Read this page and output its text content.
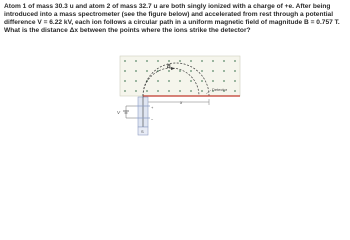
Atom 1 of mass 30.3 u and atom 2 of mass 32.7 u are both singly ionized with a charge of +e. After being introduced into a mass spectrometer (see the figure below) and accelerated from rest through a potential difference V = 6.22 kV, each ion follows a circular path in a uniform magnetic field of magnitude B = 0.757 T. What is the distance Δx between the points where the ions strike the detector?

Detector
x
B
S
V
+
−
